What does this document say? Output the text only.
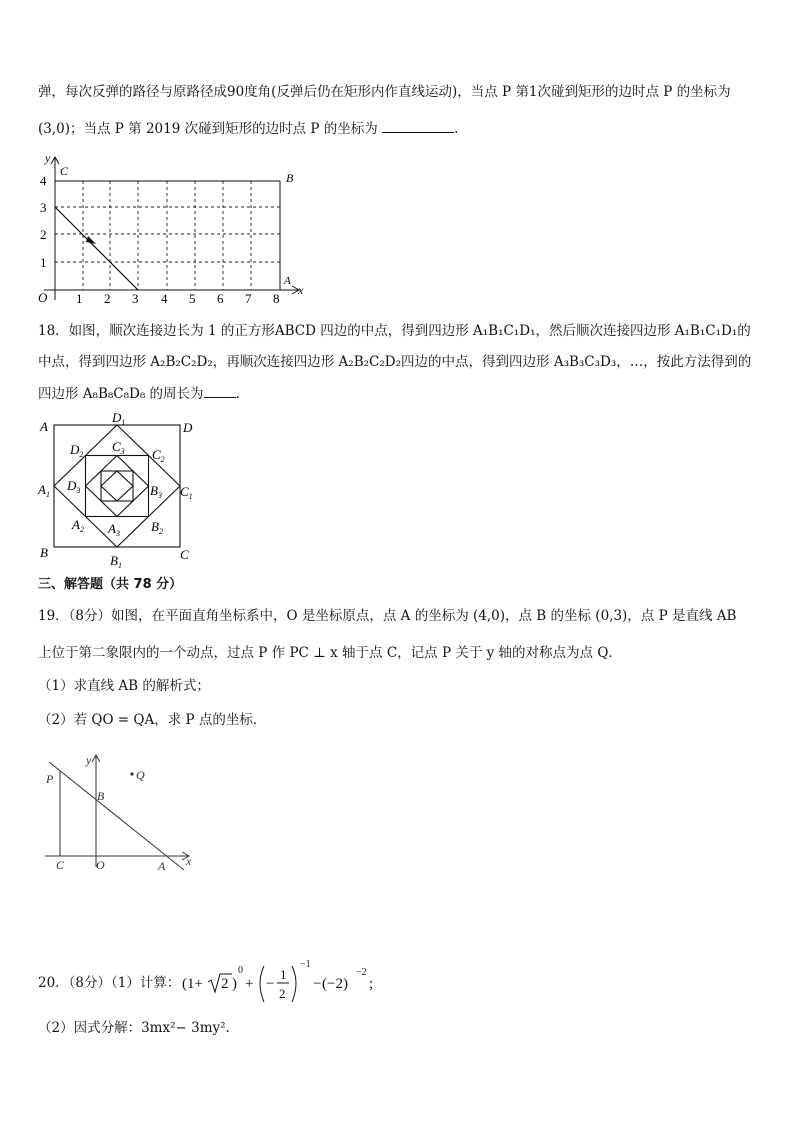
弹，每次反弹的路径与原路径成90度角(反弹后仍在矩形内作直线运动)，当点 P 第1次碰到矩形的边时点 P 的坐标为
(3,0)；当点 P 第 2019 次碰到矩形的边时点 P 的坐标为	.
y
C	B
A
x
O
4
3
2
1
1 2 3 4 5 6 7 8
18．如图，顺次连接边长为 1 的正方形ABCD 四边的中点，得到四边形 A₁B₁C₁D₁，然后顺次连接四边形 A₁B₁C₁D₁的
中点，得到四边形 A₂B₂C₂D₂，再顺次连接四边形 A₂B₂C₂D₂四边的中点，得到四边形 A₃B₃C₃D₃，…，按此方法得到的
四边形 A₈B₈C₈D₈ 的周长为 .
A	D
B	C
$D_1$
$A_1$	$C_1$
$B_1$
$D_2$	$C_2$
$A_2$	$B_2$
$C_3$
$D_3$	$B_3$
$A_3$
三、解答题（共 78 分）
19．（8分）如图，在平面直角坐标系中，O 是坐标原点，点 A 的坐标为 (4,0)，点 B 的坐标 (0,3)，点 P 是直线 AB
上位于第二象限内的一个动点，过点 P 作 PC ⊥ x 轴于点 C，记点 P 关于 y 轴的对称点为点 Q．
（1）求直线 AB 的解析式；
（2）若 QO = QA，求 P 点的坐标．
y
x
P	Q
B
C	O	A
20．（8分）（1）计算： (1+ 2 )
0
+ −
1
2
−1
− (−2)
−2
;
（2）因式分解：3mx²− 3my².
